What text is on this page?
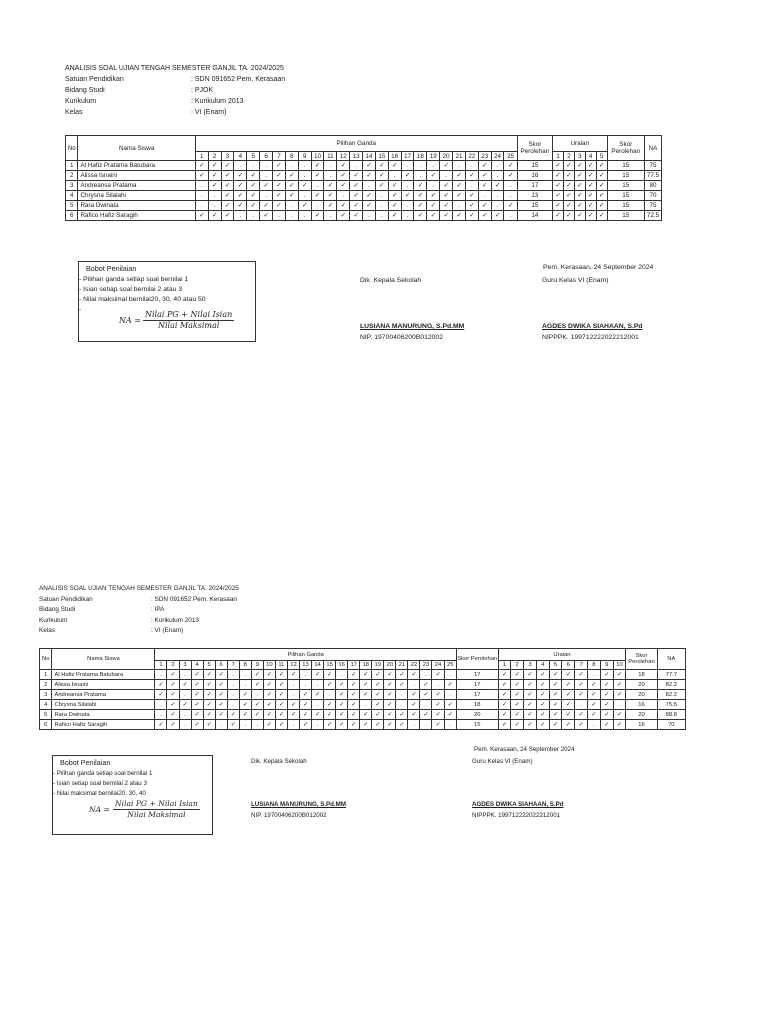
ANALISIS SOAL UJIAN TENGAH SEMESTER GANJIL TA. 2024/2025
Satuan Pendidikan	: SDN 091652 Pem. Kerasaan
Bidang Studi	: PJOK
Kurikulum	: Kurikulum 2013
Kelas	: VI (Enam)
No	Nama Siswa	Pilihan Ganda																									Skor Perolehan	Uraian					Skor Perolehan	NA
		1	2	3	4	5	6	7	8	9	10	11	12	13	14	15	16	17	18	19	20	21	22	23	24	25		1	2	3	4	5		
1	Al Hafiz Pratama Batubara	✓	✓	✓	.	.	.	✓	.	.	✓	.	✓	.	✓	✓	✓	.	.	.	✓	.	.	✓	.	✓	15	✓	✓	✓	✓	✓	15	75
2	Alissa Isnaini	✓	✓	✓	✓	✓	.	✓	✓	.	✓	.	✓	✓	✓	✓	.	✓	.	✓	.	✓	✓	✓	.	✓	16	✓	✓	✓	✓	✓	15	77.5
3	Andreansa Pratama	.	✓	✓	✓	✓	✓	✓	✓	✓	.	✓	✓	✓	.	✓	✓	.	✓	.	✓	✓	.	✓	✓	.	17	✓	✓	✓	✓	✓	15	80
4	Chrysna Silalahi	.	.	✓	✓	✓	.	✓	✓	.	✓	✓	.	✓	✓	.	✓	✓	✓	✓	✓	✓	✓	.	.	.	13	✓	✓	✓	✓	✓	15	70
5	Rara Dwinata	.	.	✓	✓	✓	✓	✓	.	✓	.	✓	✓	✓	✓	.	✓	.	✓	✓	✓	.	✓	✓	.	✓	15	✓	✓	✓	✓	✓	15	75
6	Rafico Hafiz Saragih	✓	✓	✓	.	.	✓	.	.	.	✓	.	✓	✓	.	.	✓	.	✓	✓	✓	✓	✓	✓	✓	.	14	✓	✓	✓	✓	✓	15	72.5
Bobot Penilaian
- Pilihan ganda setiap soal bernilai 1
- Isian setiap soal bernilai 2 atau 3
- Nilai maksimal bernilai20, 30, 40 atau 50
-
NA =
Nilai PG + Nilai Isian
Nilai Maksimal
Pem. Kerasaan, 24 September 2024
Dik. Kepala Sekolah	Guru Kelas VI (Enam)
LUSIANA MANURUNG, S.Pd.MM
NIP. 19700406200B012002
AGDES DWIKA SIAHAAN, S.Pd
NIPPPK. 199712222022212001
ANALISIS SOAL UJIAN TENGAH SEMESTER GANJIL TA. 2024/2025
Satuan Pendidikan	: SDN 091652 Pem. Kerasaan
Bidang Studi	: IPA
Kurikulum	: Kurikulum 2013
Kelas	: VI (Enam)
No	Nama Siswa	Pilihan Ganda																									Skor Perolehan	Uraian										Skor Perolehan	NA
		1	2	3	4	5	6	7	8	9	10	11	12	13	14	15	16	17	18	19	20	21	22	23	24	25		1	2	3	4	5	6	7	8	9	10		
1	Al Hafiz Pratama Batubara	.	✓	.	✓	✓	✓	.	.	✓	✓	✓	✓	.	✓	✓	.	✓	✓	✓	✓	✓	✓	.	✓	.	17	✓	✓	✓	✓	✓	✓	✓	.	✓	✓	18	77.7
2	Alissa Isnaini	✓	✓	✓	✓	✓	✓	.	.	✓	✓	✓	.	.	.	✓	✓	✓	✓	✓	✓	✓	.	✓	.	✓	17	✓	✓	✓	✓	✓	✓	✓	✓	✓	✓	20	82.2
3	Andreansa Pratama	✓	✓	.	✓	✓	✓	.	✓	.	✓	✓	.	✓	✓	.	✓	✓	✓	✓	✓	.	✓	✓	✓	.	17	✓	✓	✓	✓	✓	✓	✓	✓	✓	✓	20	82.2
4	Chrysna Silalahi	.	✓	✓	✓	✓	✓	.	✓	✓	✓	✓	✓	✓	.	✓	✓	✓	.	✓	✓	.	✓	.	✓	✓	18	✓	✓	✓	✓	✓	✓	.	✓	✓	.	16	75.5
5	Rara Dwinata	.	✓	.	✓	✓	✓	✓	✓	✓	✓	✓	✓	✓	✓	✓	✓	✓	✓	✓	✓	✓	✓	✓	✓	✓	20	✓	✓	✓	✓	✓	✓	✓	✓	✓	✓	20	88.8
6	Rafico Hafiz Saragih	✓	✓	.	✓	✓	.	✓	.	.	✓	✓	.	✓	.	✓	✓	✓	✓	✓	✓	✓	.	.	✓	.	15	✓	✓	✓	✓	✓	✓	✓	.	✓	✓	16	70
Bobot Penilaian
- Pilihan ganda setiap soal bernilai 1
- Isian setiap soal bernilai 2 atau 3
- Nilai maksimal bernilai20, 30, 40
NA =
Nilai PG + Nilai Isian
Nilai Maksimal
Pem. Kerasaan, 24 September 2024
Dik. Kepala Sekolah	Guru Kelas VI (Enam)
LUSIANA MANURUNG, S.Pd.MM
NIP. 19700406200B012002
AGDES DWIKA SIAHAAN, S.Pd
NIPPPK. 199712222022212001
